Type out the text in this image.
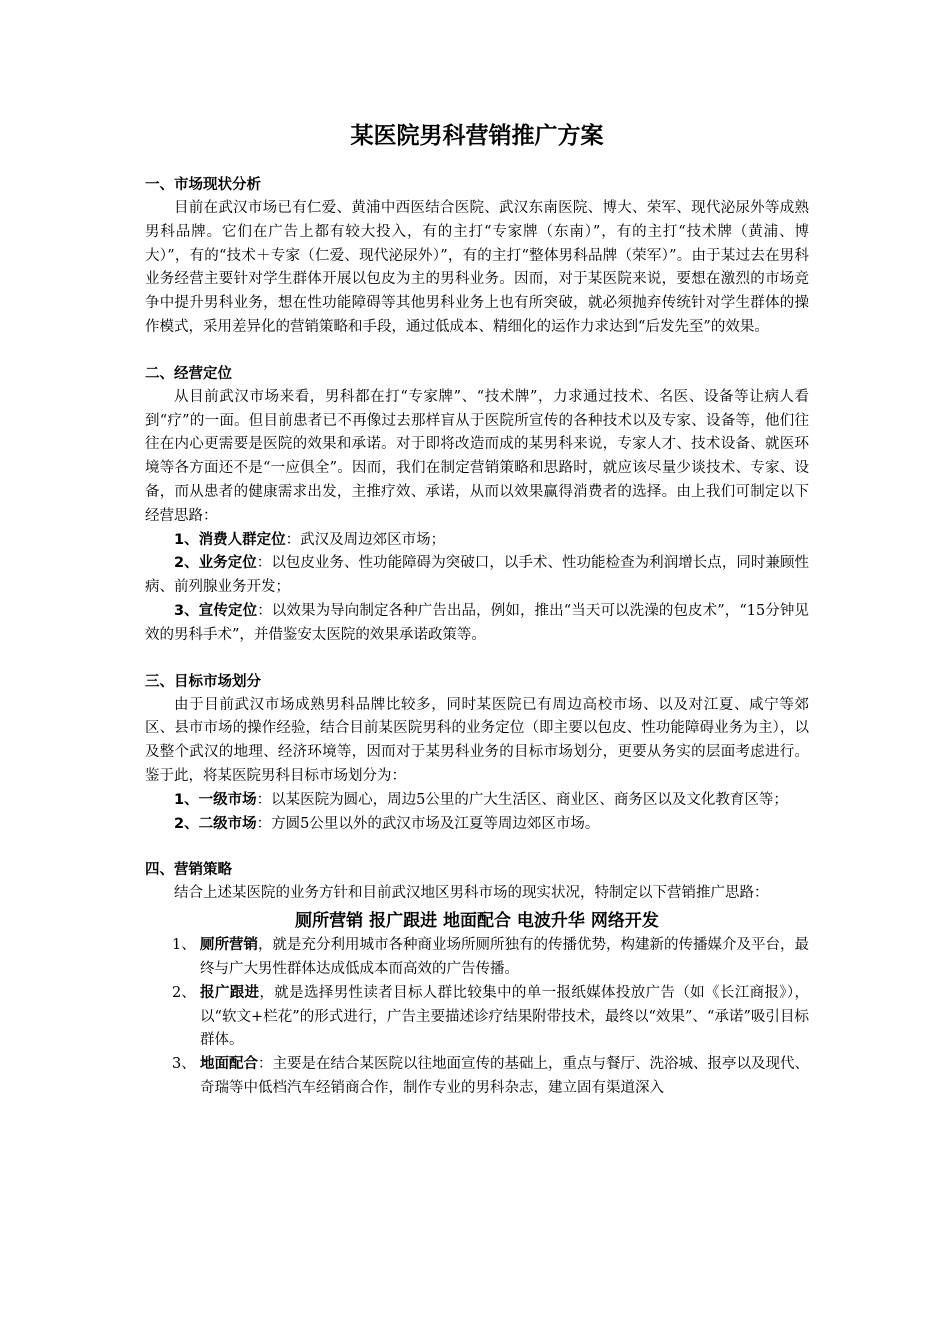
某医院男科营销推广方案

一、市场现状分析

目前在武汉市场已有仁爱、黄浦中西医结合医院、武汉东南医院、博大、荣军、现代泌尿外等成熟男科品牌。它们在广告上都有较大投入，有的主打“专家牌（东南）”，有的主打“技术牌（黄浦、博大）”，有的“技术＋专家（仁爱、现代泌尿外）”，有的主打“整体男科品牌（荣军）”。由于某过去在男科业务经营主要针对学生群体开展以包皮为主的男科业务。因而，对于某医院来说，要想在激烈的市场竞争中提升男科业务，想在性功能障碍等其他男科业务上也有所突破，就必须抛弃传统针对学生群体的操作模式，采用差异化的营销策略和手段，通过低成本、精细化的运作力求达到“后发先至”的效果。

二、经营定位

从目前武汉市场来看，男科都在打“专家牌”、“技术牌”，力求通过技术、名医、设备等让病人看到“疗”的一面。但目前患者已不再像过去那样盲从于医院所宣传的各种技术以及专家、设备等，他们往往在内心更需要是医院的效果和承诺。对于即将改造而成的某男科来说，专家人才、技术设备、就医环境等各方面还不是“一应俱全”。因而，我们在制定营销策略和思路时，就应该尽量少谈技术、专家、设备，而从患者的健康需求出发，主推疗效、承诺，从而以效果赢得消费者的选择。由上我们可制定以下经营思路：

1、消费人群定位：武汉及周边郊区市场；

2、业务定位：以包皮业务、性功能障碍为突破口，以手术、性功能检查为利润增长点，同时兼顾性病、前列腺业务开发；

3、宣传定位：以效果为导向制定各种广告出品，例如，推出“当天可以洗澡的包皮术”，“15分钟见效的男科手术”，并借鉴安太医院的效果承诺政策等。

三、目标市场划分

由于目前武汉市场成熟男科品牌比较多，同时某医院已有周边高校市场、以及对江夏、咸宁等郊区、县市市场的操作经验，结合目前某医院男科的业务定位（即主要以包皮、性功能障碍业务为主），以及整个武汉的地理、经济环境等，因而对于某男科业务的目标市场划分，更要从务实的层面考虑进行。鉴于此，将某医院男科目标市场划分为：

1、一级市场：以某医院为圆心，周边5公里的广大生活区、商业区、商务区以及文化教育区等；

2、二级市场：方圆5公里以外的武汉市场及江夏等周边郊区市场。

四、营销策略

结合上述某医院的业务方针和目前武汉地区男科市场的现实状况，特制定以下营销推广思路：

厕所营销 报广跟进 地面配合 电波升华 网络开发

1、 厕所营销，就是充分利用城市各种商业场所厕所独有的传播优势，构建新的传播媒介及平台，最终与广大男性群体达成低成本而高效的广告传播。
2、 报广跟进，就是选择男性读者目标人群比较集中的单一报纸媒体投放广告（如《长江商报》），以“软文+栏花”的形式进行，广告主要描述诊疗结果附带技术，最终以“效果”、“承诺”吸引目标群体。
3、 地面配合：主要是在结合某医院以往地面宣传的基础上，重点与餐厅、洗浴城、报亭以及现代、奇瑞等中低档汽车经销商合作，制作专业的男科杂志，建立固有渠道深入
